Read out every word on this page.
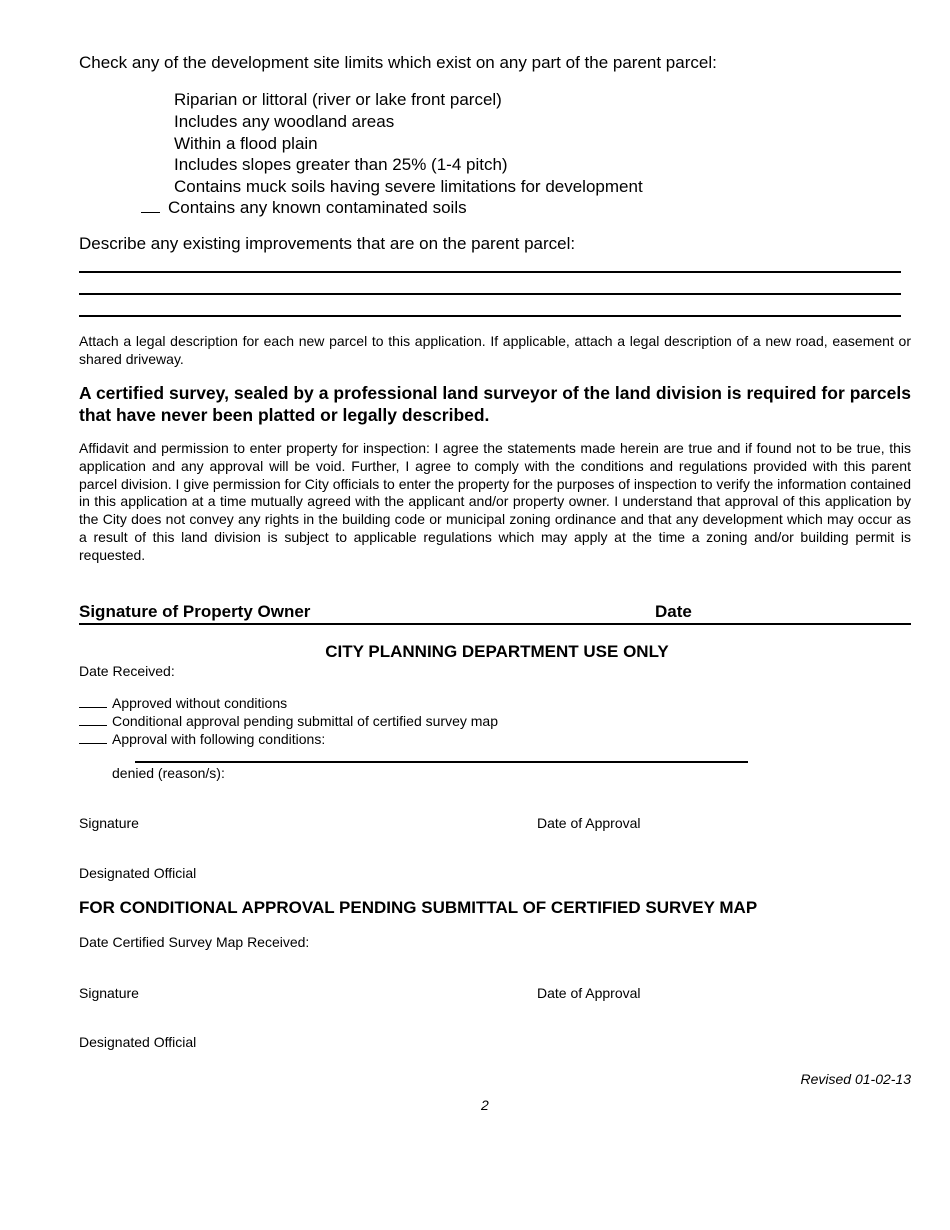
Check any of the development site limits which exist on any part of the parent parcel:
Riparian or littoral (river or lake front parcel)
Includes any woodland areas
Within a flood plain
Includes slopes greater than 25% (1-4 pitch)
Contains muck soils having severe limitations for development
Contains any known contaminated soils
Describe any existing improvements that are on the parent parcel:
Attach a legal description for each new parcel to this application. If applicable, attach a legal description of a new road, easement or shared driveway.
A certified survey, sealed by a professional land surveyor of the land division is required for parcels that have never been platted or legally described.
Affidavit and permission to enter property for inspection: I agree the statements made herein are true and if found not to be true, this application and any approval will be void. Further, I agree to comply with the conditions and regulations provided with this parent parcel division. I give permission for City officials to enter the property for the purposes of inspection to verify the information contained in this application at a time mutually agreed with the applicant and/or property owner. I understand that approval of this application by the City does not convey any rights in the building code or municipal zoning ordinance and that any development which may occur as a result of this land division is subject to applicable regulations which may apply at the time a zoning and/or building permit is requested.
Signature of Property Owner	Date
CITY PLANNING DEPARTMENT USE ONLY
Date Received:
Approved without conditions
Conditional approval pending submittal of certified survey map
Approval with following conditions:
denied (reason/s):
Signature	Date of Approval
Designated Official
FOR CONDITIONAL APPROVAL PENDING SUBMITTAL OF CERTIFIED SURVEY MAP
Date Certified Survey Map Received:
Signature	Date of Approval
Designated Official
Revised 01-02-13
2
